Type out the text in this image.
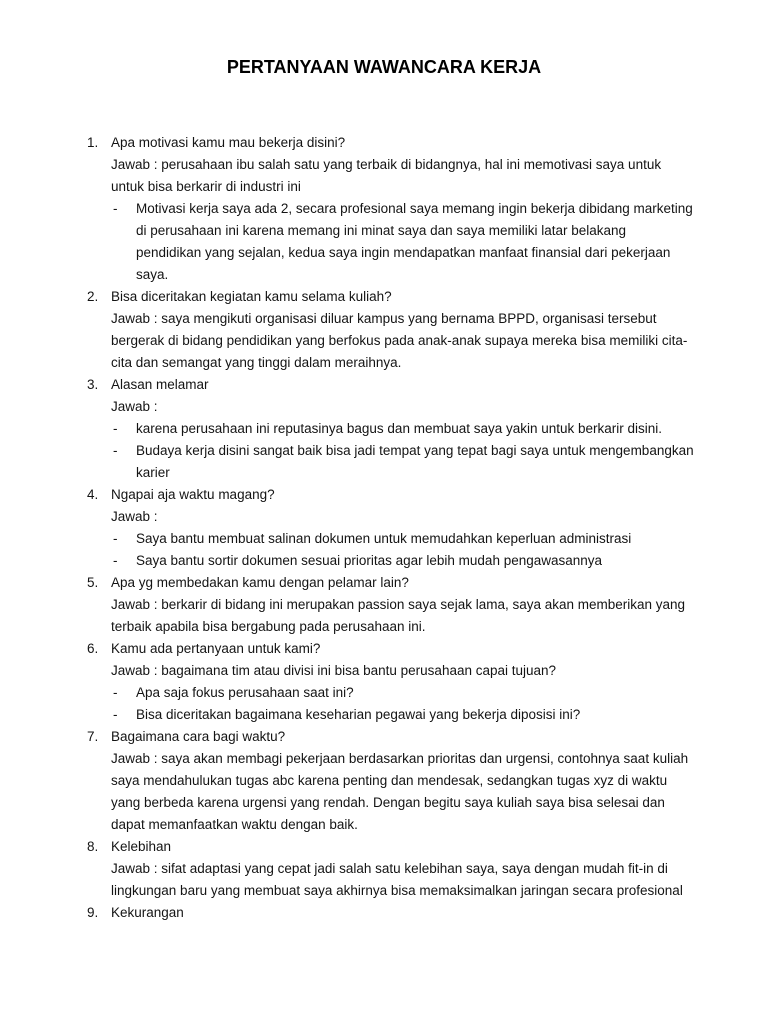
PERTANYAAN WAWANCARA KERJA
1. Apa motivasi kamu mau bekerja disini?
Jawab : perusahaan ibu salah satu yang terbaik di bidangnya, hal ini memotivasi saya untuk
untuk bisa berkarir di industri ini
- Motivasi kerja saya ada 2, secara profesional saya memang ingin bekerja dibidang marketing
di perusahaan ini karena memang ini minat saya dan saya memiliki latar belakang
pendidikan yang sejalan, kedua saya ingin mendapatkan manfaat finansial dari pekerjaan
saya.
2. Bisa diceritakan kegiatan kamu selama kuliah?
Jawab : saya mengikuti organisasi diluar kampus yang bernama BPPD, organisasi tersebut
bergerak di bidang pendidikan yang berfokus pada anak-anak supaya mereka bisa memiliki cita-
cita dan semangat yang tinggi dalam meraihnya.
3. Alasan melamar
Jawab :
- karena perusahaan ini reputasinya bagus dan membuat saya yakin untuk berkarir disini.
- Budaya kerja disini sangat baik bisa jadi tempat yang tepat bagi saya untuk mengembangkan
karier
4. Ngapai aja waktu magang?
Jawab :
- Saya bantu membuat salinan dokumen untuk memudahkan keperluan administrasi
- Saya bantu sortir dokumen sesuai prioritas agar lebih mudah pengawasannya
5. Apa yg membedakan kamu dengan pelamar lain?
Jawab : berkarir di bidang ini merupakan passion saya sejak lama, saya akan memberikan yang
terbaik apabila bisa bergabung pada perusahaan ini.
6. Kamu ada pertanyaan untuk kami?
Jawab : bagaimana tim atau divisi ini bisa bantu perusahaan capai tujuan?
- Apa saja fokus perusahaan saat ini?
- Bisa diceritakan bagaimana keseharian pegawai yang bekerja diposisi ini?
7. Bagaimana cara bagi waktu?
Jawab : saya akan membagi pekerjaan berdasarkan prioritas dan urgensi, contohnya saat kuliah
saya mendahulukan tugas abc karena penting dan mendesak, sedangkan tugas xyz di waktu
yang berbeda karena urgensi yang rendah. Dengan begitu saya kuliah saya bisa selesai dan
dapat memanfaatkan waktu dengan baik.
8. Kelebihan
Jawab : sifat adaptasi yang cepat jadi salah satu kelebihan saya, saya dengan mudah fit-in di
lingkungan baru yang membuat saya akhirnya bisa memaksimalkan jaringan secara profesional
9. Kekurangan
